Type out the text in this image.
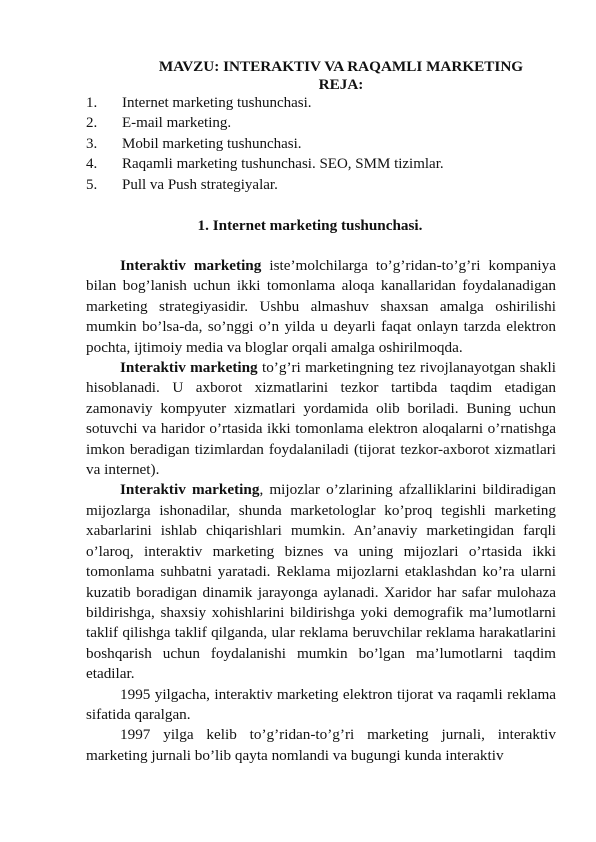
MAVZU: INTERAKTIV VA RAQAMLI MARKETING
REJA:
1. Internet marketing tushunchasi.
2. E-mail marketing.
3. Mobil marketing tushunchasi.
4. Raqamli marketing tushunchasi. SEO, SMM tizimlar.
5. Pull va Push strategiyalar.
1. Internet marketing tushunchasi.

Interaktiv marketing iste’molchilarga to’g’ridan-to’g’ri kompaniya bilan bog’lanish uchun ikki tomonlama aloqa kanallaridan foydalanadigan marketing strategiyasidir. Ushbu almashuv shaxsan amalga oshirilishi mumkin bo’lsa-da, so’nggi o’n yilda u deyarli faqat onlayn tarzda elektron pochta, ijtimoiy media va bloglar orqali amalga oshirilmoqda.

Interaktiv marketing to’g’ri marketingning tez rivojlanayotgan shakli hisoblanadi. U axborot xizmatlarini tezkor tartibda taqdim etadigan zamonaviy kompyuter xizmatlari yordamida olib boriladi. Buning uchun sotuvchi va haridor o’rtasida ikki tomonlama elektron aloqalarni o’rnatishga imkon beradigan tizimlardan foydalaniladi (tijorat tezkor-axborot xizmatlari va internet).

Interaktiv marketing, mijozlar o’zlarining afzalliklarini bildiradigan mijozlarga ishonadilar, shunda marketologlar ko’proq tegishli marketing xabarlarini ishlab chiqarishlari mumkin. An’anaviy marketingidan farqli o’laroq, interaktiv marketing biznes va uning mijozlari o’rtasida ikki tomonlama suhbatni yaratadi. Reklama mijozlarni etaklashdan ko’ra ularni kuzatib boradigan dinamik jarayonga aylanadi. Xaridor har safar mulohaza bildirishga, shaxsiy xohishlarini bildirishga yoki demografik ma’lumotlarni taklif qilishga taklif qilganda, ular reklama beruvchilar reklama harakatlarini boshqarish uchun foydalanishi mumkin bo’lgan ma’lumotlarni taqdim etadilar.

1995 yilgacha, interaktiv marketing elektron tijorat va raqamli reklama sifatida qaralgan.

1997 yilga kelib to’g’ridan-to’g’ri marketing jurnali, interaktiv marketing jurnali bo’lib qayta nomlandi va bugungi kunda interaktiv
